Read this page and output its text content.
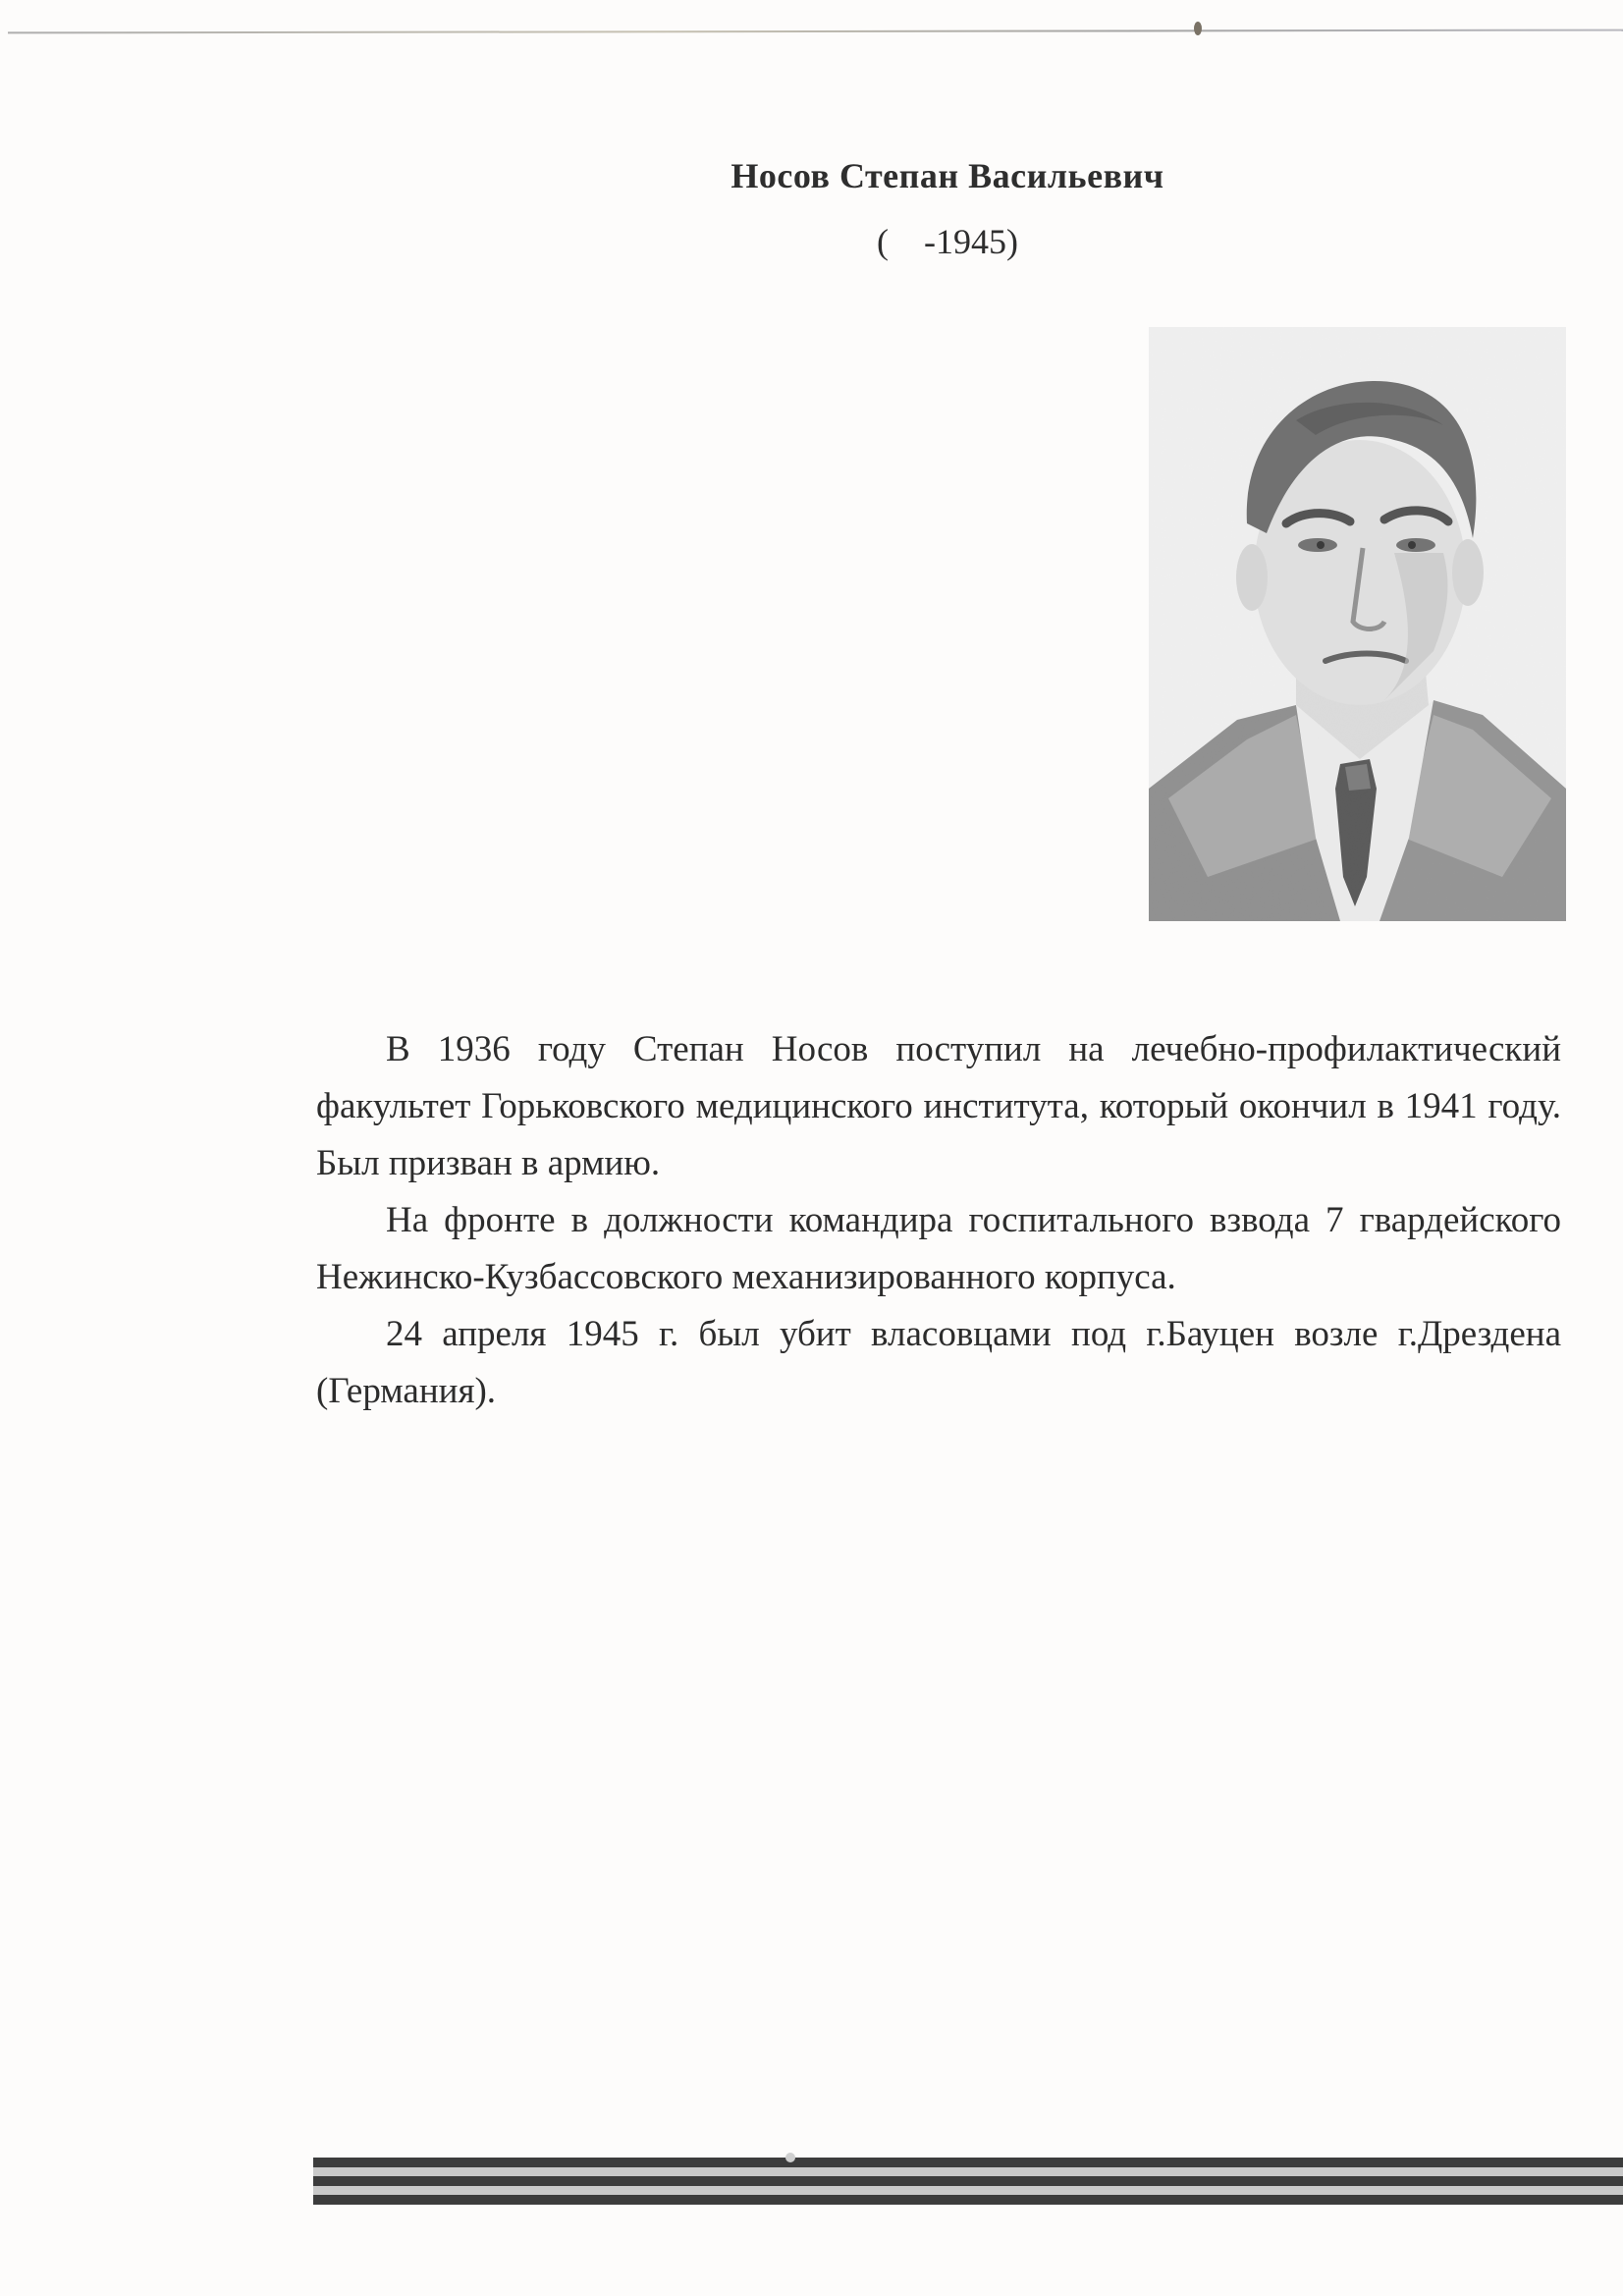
Носов Степан Васильевич
(    -1945)

В 1936 году Степан Носов поступил на лечебно-профилактический факультет Горьковского медицинского института, который окончил в 1941 году. Был призван в армию.

На фронте в должности командира госпитального взвода 7 гвардейского Нежинско-Кузбассовского механизированного корпуса.

24 апреля 1945 г. был убит власовцами под г.Бауцен возле г.Дрездена (Германия).
